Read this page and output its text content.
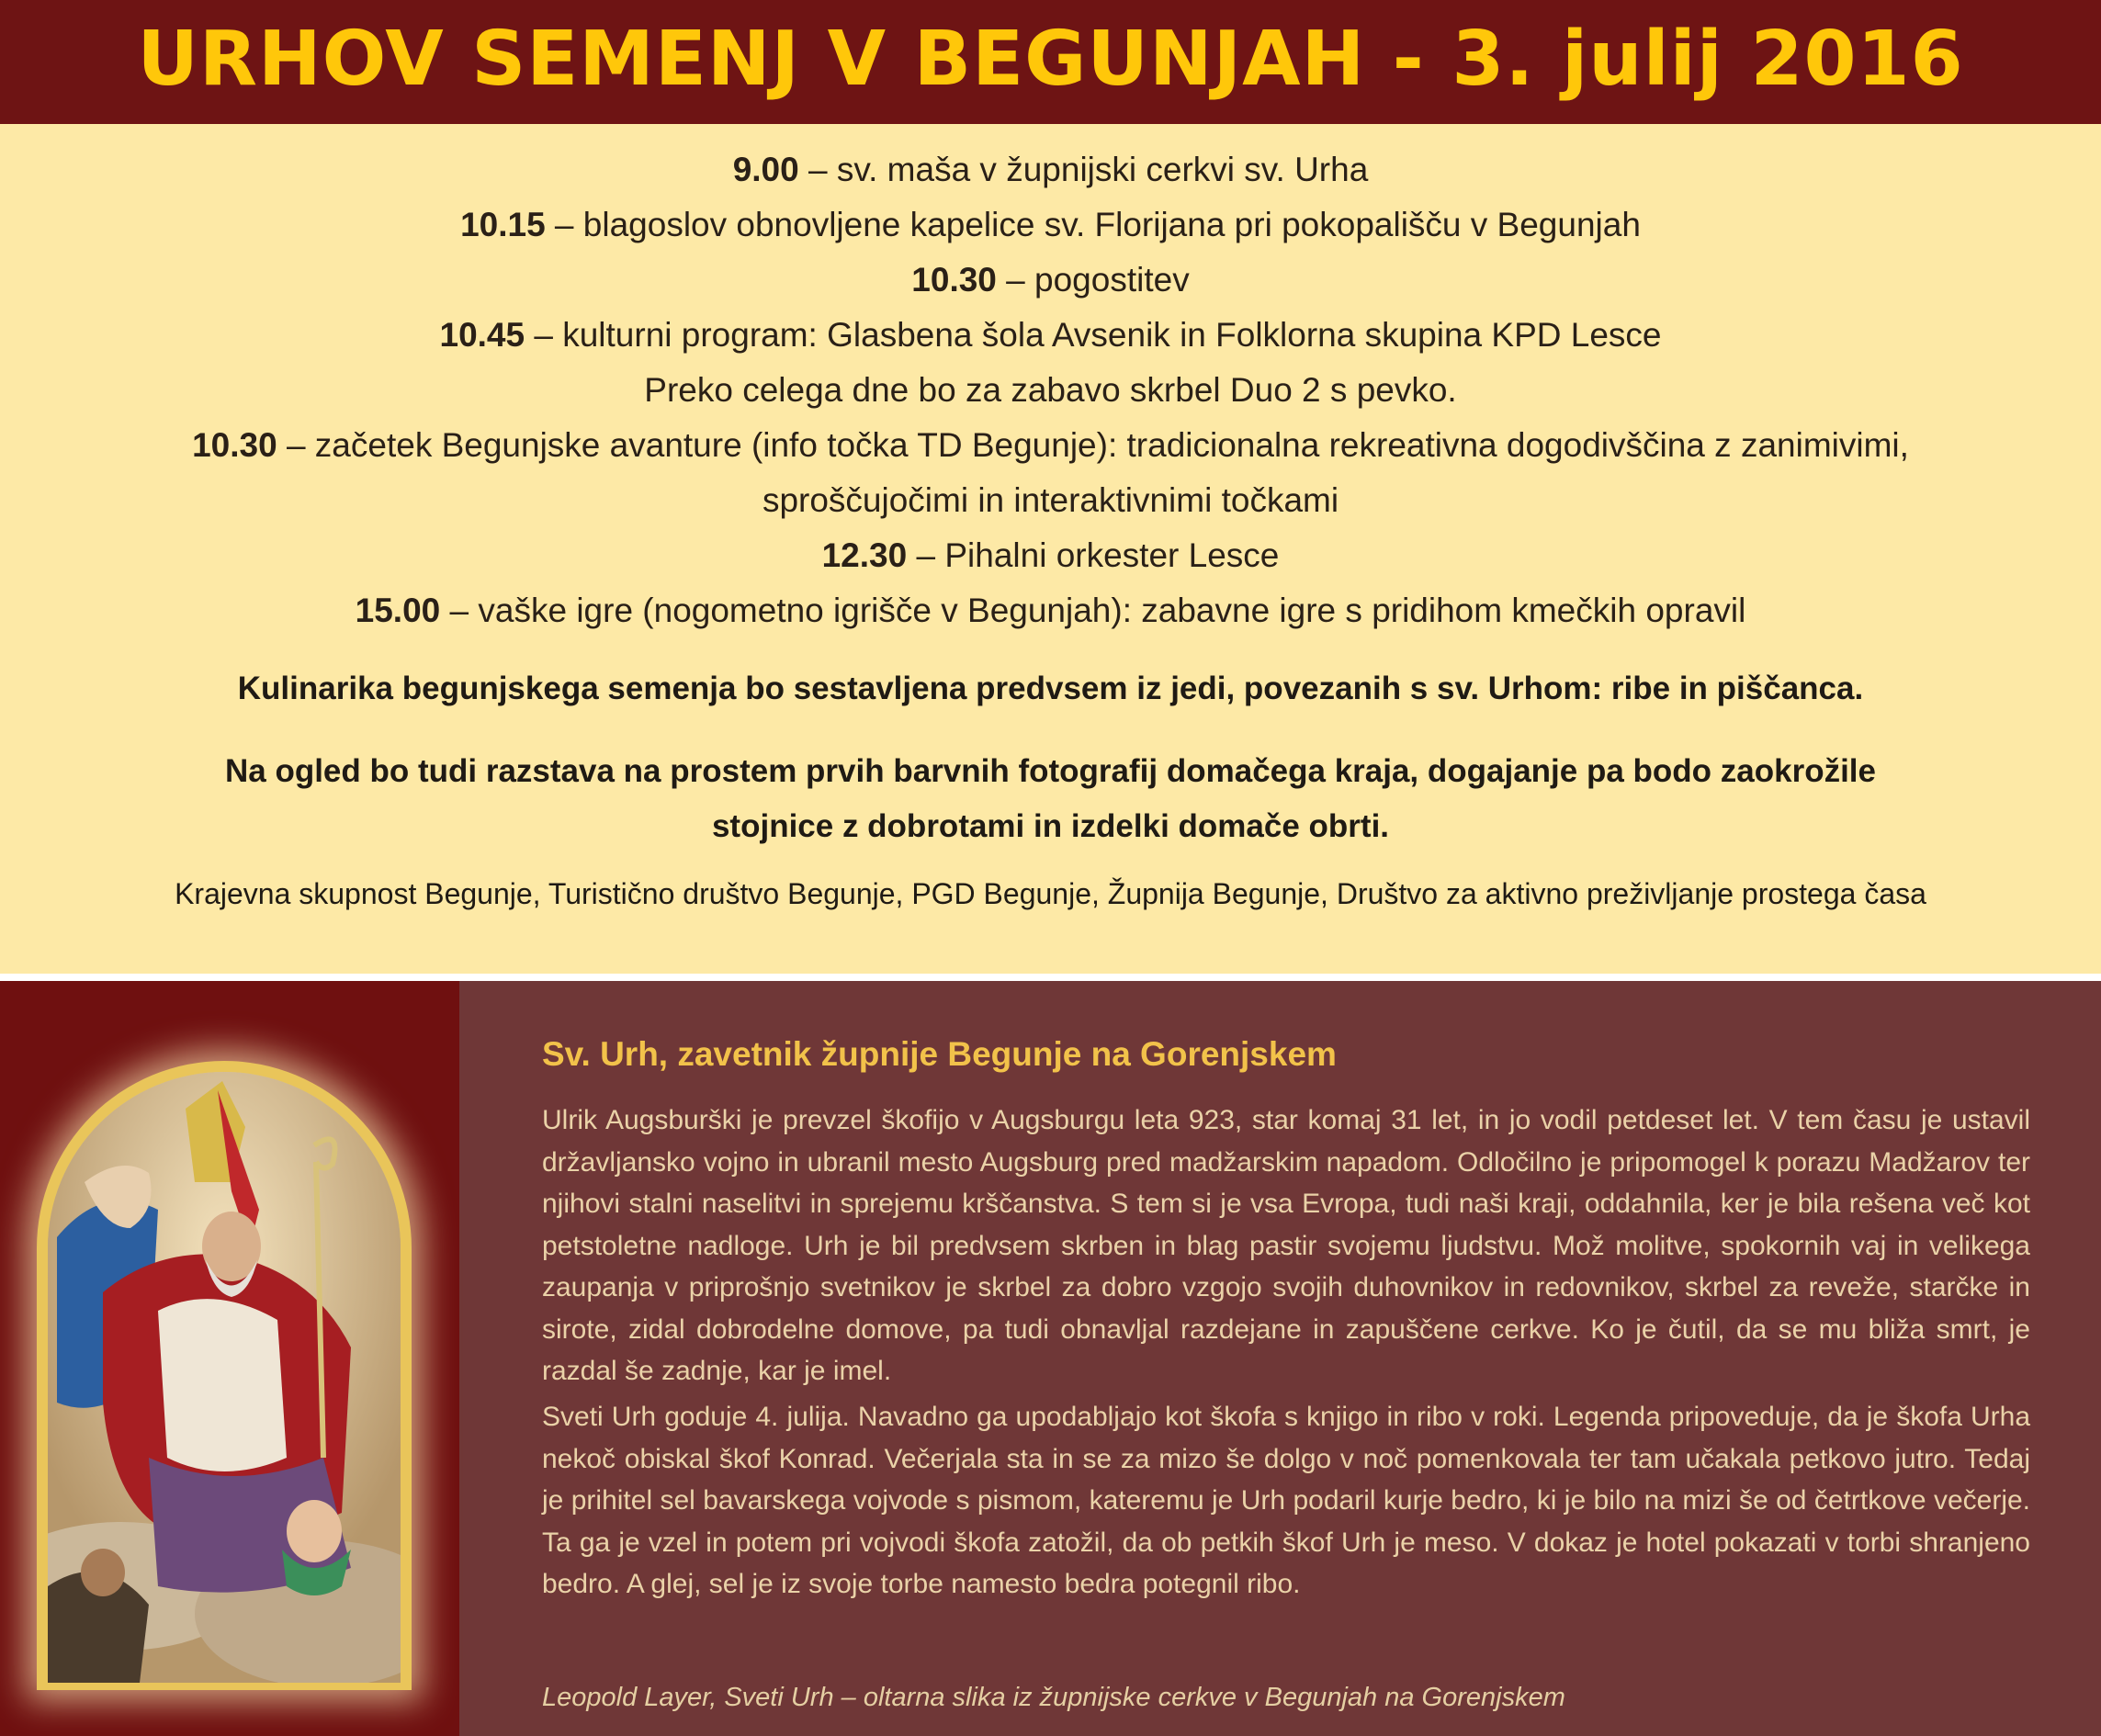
URHOV SEMENJ V BEGUNJAH - 3. julij 2016
9.00 – sv. maša v župnijski cerkvi sv. Urha
10.15 – blagoslov obnovljene kapelice sv. Florijana pri pokopališču v Begunjah
10.30 – pogostitev
10.45 – kulturni program: Glasbena šola Avsenik in Folklorna skupina KPD Lesce
Preko celega dne bo za zabavo skrbel Duo 2 s pevko.
10.30 – začetek Begunjske avanture (info točka TD Begunje): tradicionalna rekreativna dogodivščina z zanimivimi,
sproščujočimi in interaktivnimi točkami
12.30 – Pihalni orkester Lesce
15.00 – vaške igre (nogometno igrišče v Begunjah): zabavne igre s pridihom kmečkih opravil
Kulinarika begunjskega semenja bo sestavljena predvsem iz jedi, povezanih s sv. Urhom: ribe in piščanca.
Na ogled bo tudi razstava na prostem prvih barvnih fotografij domačega kraja, dogajanje pa bodo zaokrožile
stojnice z dobrotami in izdelki domače obrti.
Krajevna skupnost Begunje, Turistično društvo Begunje, PGD Begunje, Župnija Begunje, Društvo za aktivno preživljanje prostega časa
Sv. Urh, zavetnik župnije Begunje na Gorenjskem
Ulrik Augsburški je prevzel škofijo v Augsburgu leta 923, star komaj 31 let, in jo vodil petdeset let. V tem času je ustavil državljansko vojno in ubranil mesto Augsburg pred madžarskim napadom. Odločilno je pripomogel k porazu Madžarov ter njihovi stalni naselitvi in sprejemu krščanstva. S tem si je vsa Evropa, tudi naši kraji, oddahnila, ker je bila rešena več kot petstoletne nadloge. Urh je bil predvsem skrben in blag pastir svojemu ljudstvu. Mož molitve, spokornih vaj in velikega zaupanja v priprošnjo svetnikov je skrbel za dobro vzgojo svojih duhovnikov in redovnikov, skrbel za reveže, starčke in sirote, zidal dobrodelne domove, pa tudi obnavljal razdejane in zapuščene cerkve. Ko je čutil, da se mu bliža smrt, je razdal še zadnje, kar je imel.
Sveti Urh goduje 4. julija. Navadno ga upodabljajo kot škofa s knjigo in ribo v roki. Legenda pripoveduje, da je škofa Urha nekoč obiskal škof Konrad. Večerjala sta in se za mizo še dolgo v noč pomenkovala ter tam učakala petkovo jutro. Tedaj je prihitel sel bavarskega vojvode s pismom, kateremu je Urh podaril kurje bedro, ki je bilo na mizi še od četrtkove večerje. Ta ga je vzel in potem pri vojvodi škofa zatožil, da ob petkih škof Urh je meso. V dokaz je hotel pokazati v torbi shranjeno bedro. A glej, sel je iz svoje torbe namesto bedra potegnil ribo.
Leopold Layer, Sveti Urh – oltarna slika iz župnijske cerkve v Begunjah na Gorenjskem
